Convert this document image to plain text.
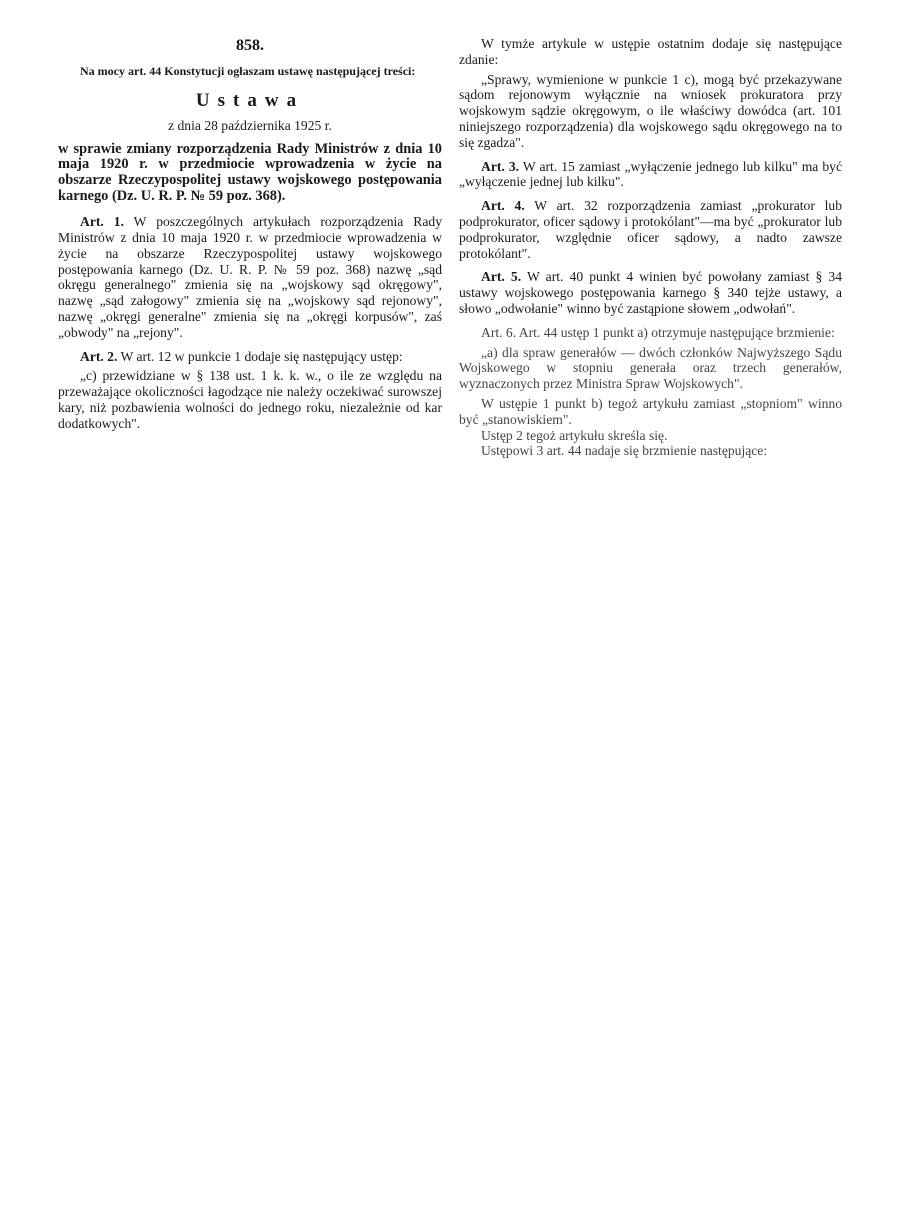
858.

Na mocy art. 44 Konstytucji ogłaszam ustawę następującej treści:

Ustawa

z dnia 28 października 1925 r.

w sprawie zmiany rozporządzenia Rady Ministrów z dnia 10 maja 1920 r. w przedmiocie wprowadzenia w życie na obszarze Rzeczypospolitej ustawy wojskowego postępowania karnego (Dz. U. R. P. № 59 poz. 368).

Art. 1. W poszczególnych artykułach rozporządzenia Rady Ministrów z dnia 10 maja 1920 r. w przedmiocie wprowadzenia w życie na obszarze Rzeczypospolitej ustawy wojskowego postępowania karnego (Dz. U. R. P. № 59 poz. 368) nazwę „sąd okręgu generalnego" zmienia się na „wojskowy sąd okręgowy", nazwę „sąd załogowy" zmienia się na „wojskowy sąd rejonowy", nazwę „okręgi generalne" zmienia się na „okręgi korpusów", zaś „obwody" na „rejony".

Art. 2. W art. 12 w punkcie 1 dodaje się następujący ustęp:

„c) przewidziane w § 138 ust. 1 k. k. w., o ile ze względu na przeważające okoliczności łagodzące nie należy oczekiwać surowszej kary, niż pozbawienia wolności do jednego roku, niezależnie od kar dodatkowych".

W tymże artykule w ustępie ostatnim dodaje się następujące zdanie:

„Sprawy, wymienione w punkcie 1 c), mogą być przekazywane sądom rejonowym wyłącznie na wniosek prokuratora przy wojskowym sądzie okręgowym, o ile właściwy dowódca (art. 101 niniejszego rozporządzenia) dla wojskowego sądu okręgowego na to się zgadza".

Art. 3. W art. 15 zamiast „wyłączenie jednego lub kilku" ma być „wyłączenie jednej lub kilku".

Art. 4. W art. 32 rozporządzenia zamiast „prokurator lub podprokurator, oficer sądowy i protokólant"—ma być „prokurator lub podprokurator, względnie oficer sądowy, a nadto zawsze protokólant".

Art. 5. W art. 40 punkt 4 winien być powołany zamiast § 34 ustawy wojskowego postępowania karnego § 340 tejże ustawy, a słowo „odwołanie" winno być zastąpione słowem „odwołań".

Art. 6. Art. 44 ustęp 1 punkt a) otrzymuje następujące brzmienie:

„a) dla spraw generałów — dwóch członków Najwyższego Sądu Wojskowego w stopniu generała oraz trzech generałów, wyznaczonych przez Ministra Spraw Wojskowych".

W ustępie 1 punkt b) tegoż artykułu zamiast „stopniom" winno być „stanowiskiem".

Ustęp 2 tegoż artykułu skreśla się.

Ustępowi 3 art. 44 nadaje się brzmienie następujące:
